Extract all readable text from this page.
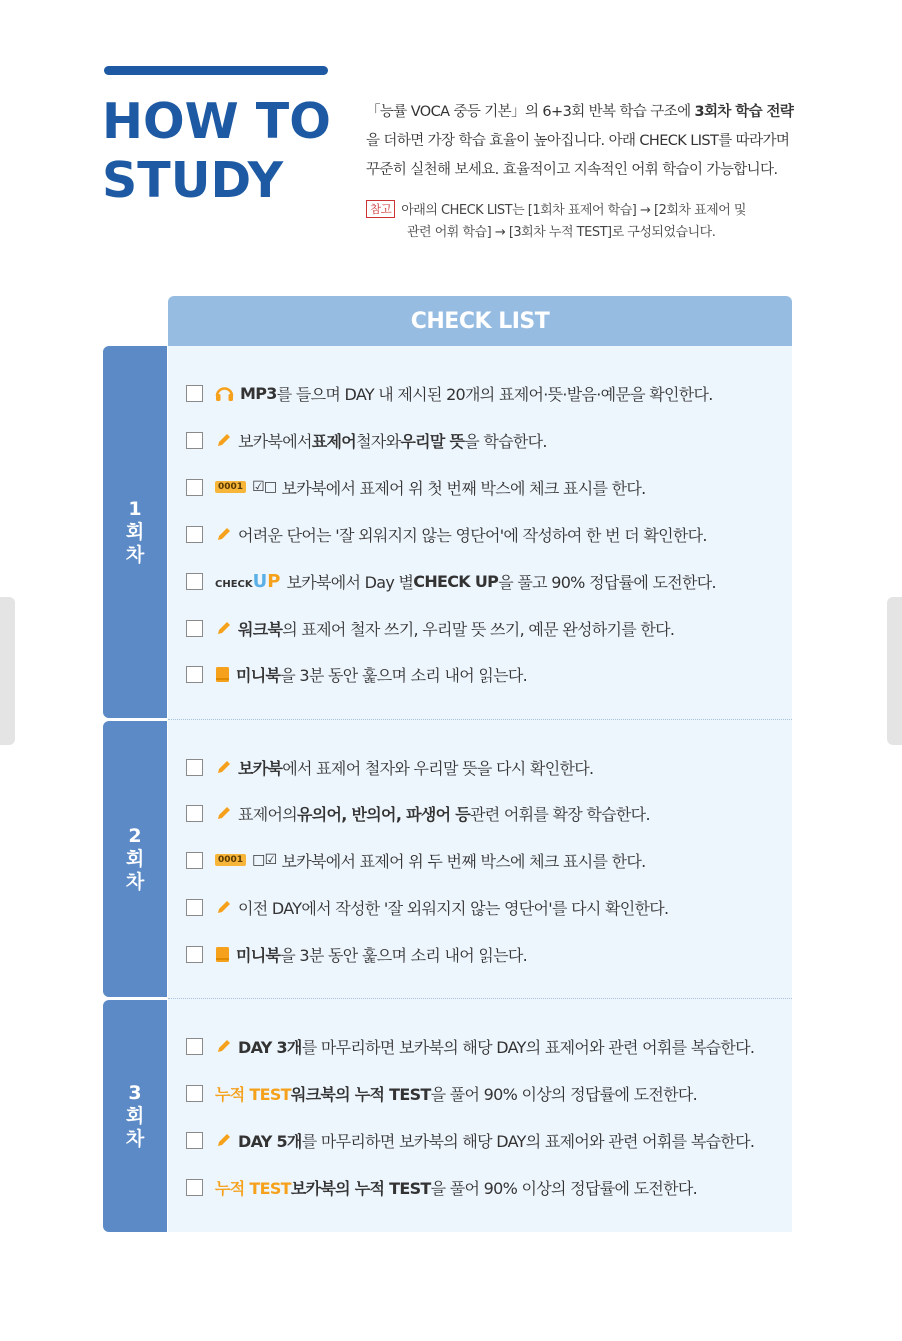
HOW TO
STUDY
「능률 VOCA 중등 기본」의 6+3회 반복 학습 구조에 3회차 학습 전략을 더하면 가장 학습 효율이 높아집니다. 아래 CHECK LIST를 따라가며 꾸준히 실천해 보세요. 효율적이고 지속적인 어휘 학습이 가능합니다.
참고 아래의 CHECK LIST는 [1회차 표제어 학습] → [2회차 표제어 및
관련 어휘 학습] → [3회차 누적 TEST]로 구성되었습니다.
CHECK LIST
1
회
차
2
회
차
3
회
차
MP3 를 들으며 DAY 내 제시된 20개의 표제어·뜻·발음·예문을 확인한다.
보카북에서 표제어 철자와 우리말 뜻 을 학습한다.
0001 ☑□ 보카북에서 표제어 위 첫 번째 박스에 체크 표시를 한다.
어려운 단어는 '잘 외워지지 않는 영단어'에 작성하여 한 번 더 확인한다.
CHECK U P 보카북에서 Day 별 CHECK UP 을 풀고 90% 정답률에 도전한다.
워크북 의 표제어 철자 쓰기, 우리말 뜻 쓰기, 예문 완성하기를 한다.
미니북 을 3분 동안 훑으며 소리 내어 읽는다.
보카북 에서 표제어 철자와 우리말 뜻을 다시 확인한다.
표제어의 유의어, 반의어, 파생어 등 관련 어휘를 확장 학습한다.
0001 □☑ 보카북에서 표제어 위 두 번째 박스에 체크 표시를 한다.
이전 DAY에서 작성한 '잘 외워지지 않는 영단어'를 다시 확인한다.
미니북 을 3분 동안 훑으며 소리 내어 읽는다.
DAY 3개 를 마무리하면 보카북의 해당 DAY의 표제어와 관련 어휘를 복습한다.
누적 TEST 워크북의 누적 TEST 을 풀어 90% 이상의 정답률에 도전한다.
DAY 5개 를 마무리하면 보카북의 해당 DAY의 표제어와 관련 어휘를 복습한다.
누적 TEST 보카북의 누적 TEST 을 풀어 90% 이상의 정답률에 도전한다.
